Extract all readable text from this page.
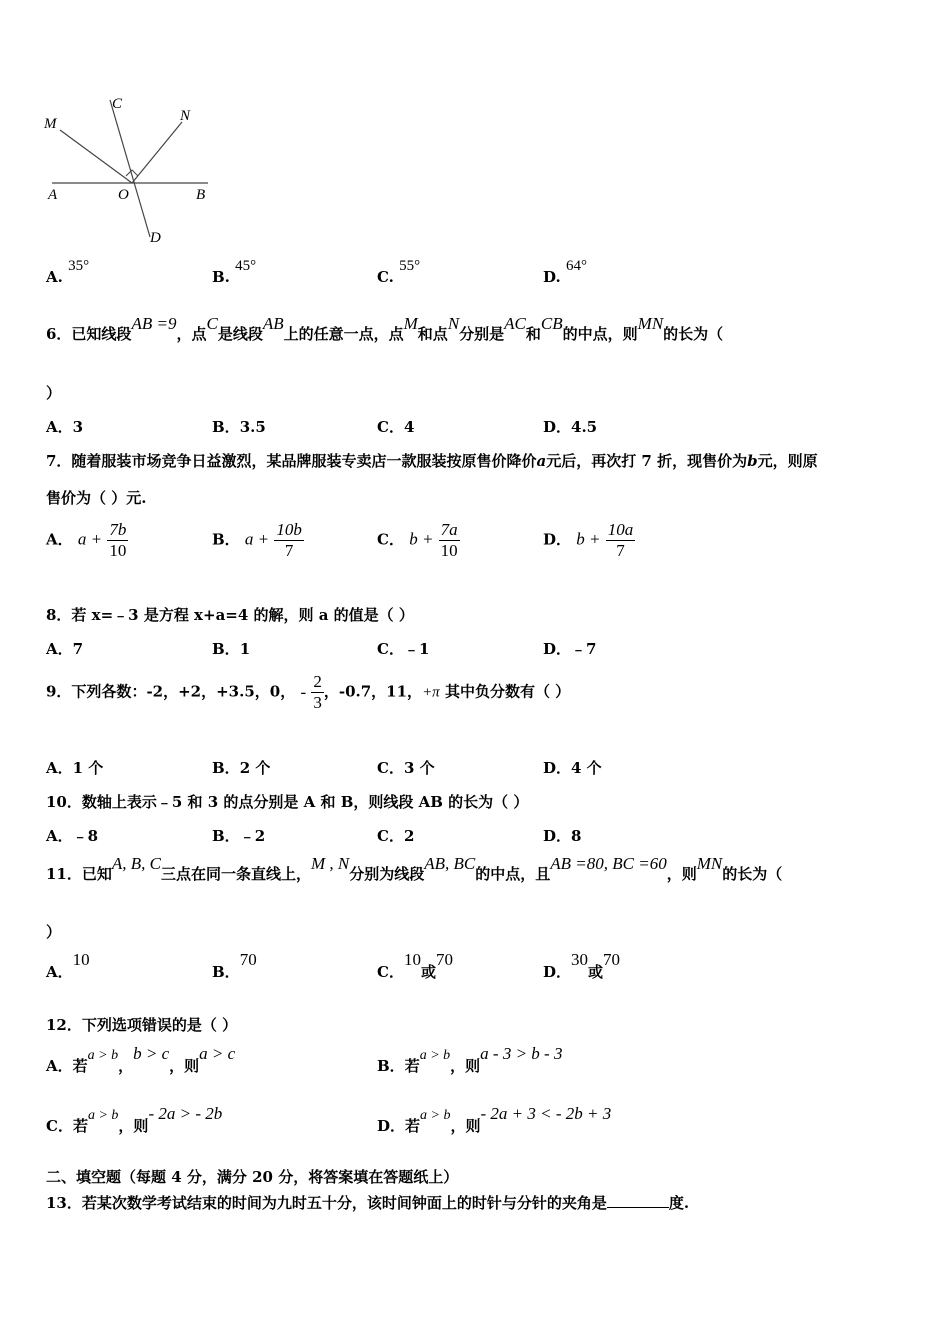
M
C
N
A	O	B
D
A. $^{35^\circ}$
B. $^{45^\circ}$
C. $^{55^\circ}$
D. $^{64^\circ}$
6．已知线段$^{AB =9}$，点$^C$是线段$^{AB}$上的任意一点，点$^M$和点$^N$分别是$^{AC}$和$^{CB}$的中点，则$^{MN}$的长为（
）
A．3	B．3.5	C．4	D．4.5
7．随着服装市场竞争日益激烈，某品牌服装专卖店一款服装按原售价降价a元后，再次打 7 折，现售价为b元，则原
售价为（ ）元.
A． $a + \frac{7b}{10}$	B． $a + \frac{10b}{7}$	C． $b + \frac{7a}{10}$	D． $b + \frac{10a}{7}$
8．若 x=﹣3 是方程 x+a=4 的解，则 a 的值是（ ）
A．7	B．1	C．﹣1	D．﹣7
9．下列各数：-2，+2，+3.5，0， - $\frac{2}{3}$ ，-0.7，11，+π 其中负分数有（ ）
A．1 个	B．2 个	C．3 个	D．4 个
10．数轴上表示﹣5 和 3 的点分别是 A 和 B，则线段 AB 的长为（ ）
A．﹣8	B．﹣2	C．2	D．8
11．已知$^{A, B, C}$三点在同一条直线上，$^{M , N}$分别为线段$^{AB, BC}$的中点，且$^{AB =80, BC =60}$，则$^{MN}$的长为（
）
A．$^{10}$
B．$^{70}$
C．$^{10}$或$^{70}$
D．$^{30}$或$^{70}$
12．下列选项错误的是（ ）
A．若$^{a > b}$，$^{b > c}$，则$^{a > c}$
B．若$^{a > b}$，则$^{a - 3 > b - 3}$
C．若$^{a > b}$，则$^{- 2a > - 2b}$
D．若$^{a > b}$，则$^{- 2a + 3 < - 2b + 3}$
二、填空题（每题 4 分，满分 20 分，将答案填在答题纸上）
13．若某次数学考试结束的时间为九时五十分，该时间钟面上的时针与分针的夹角是	度.
